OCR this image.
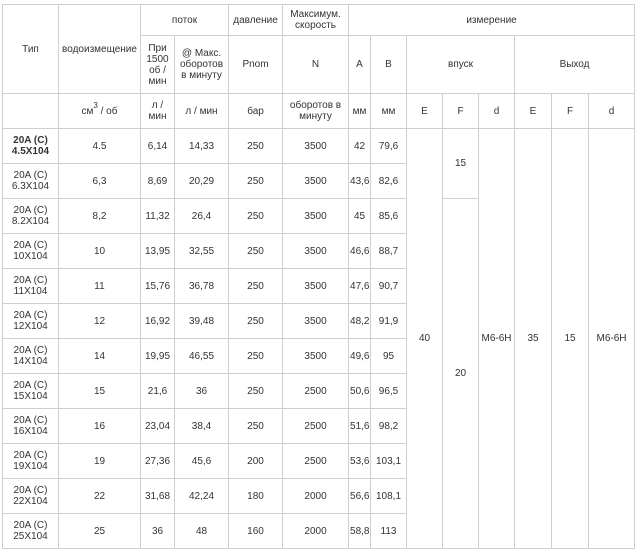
Тип	водоизмещение	поток		давление	Максимум. скорость	измерение							
		При 1500 об / мин	@ Макс. оборотов в минуту	Pnom	N	A	B	впуск			Выход		
	см3 / об	л / мин	л / мин	бар	оборотов в минуту	мм	мм	E	F	d	E	F	d
20A (C) 4.5X104	4.5	6,14	14,33	250	3500	42	79,6	40	15	M6-6H	35	15	M6-6H
20A (C) 6.3X104	6,3	8,69	20,29	250	3500	43,6	82,6						
20A (C) 8.2X104	8,2	11,32	26,4	250	3500	45	85,6		20				
20A (C) 10X104	10	13,95	32,55	250	3500	46,6	88,7						
20A (C) 11X104	11	15,76	36,78	250	3500	47,6	90,7						
20A (C) 12X104	12	16,92	39,48	250	3500	48,2	91,9						
20A (C) 14X104	14	19,95	46,55	250	3500	49,6	95						
20A (C) 15X104	15	21,6	36	250	2500	50,6	96,5						
20A (C) 16X104	16	23,04	38,4	250	2500	51,6	98,2						
20A (C) 19X104	19	27,36	45,6	200	2500	53,6	103,1						
20A (C) 22X104	22	31,68	42,24	180	2000	56,6	108,1						
20A (C) 25X104	25	36	48	160	2000	58,8	113						
